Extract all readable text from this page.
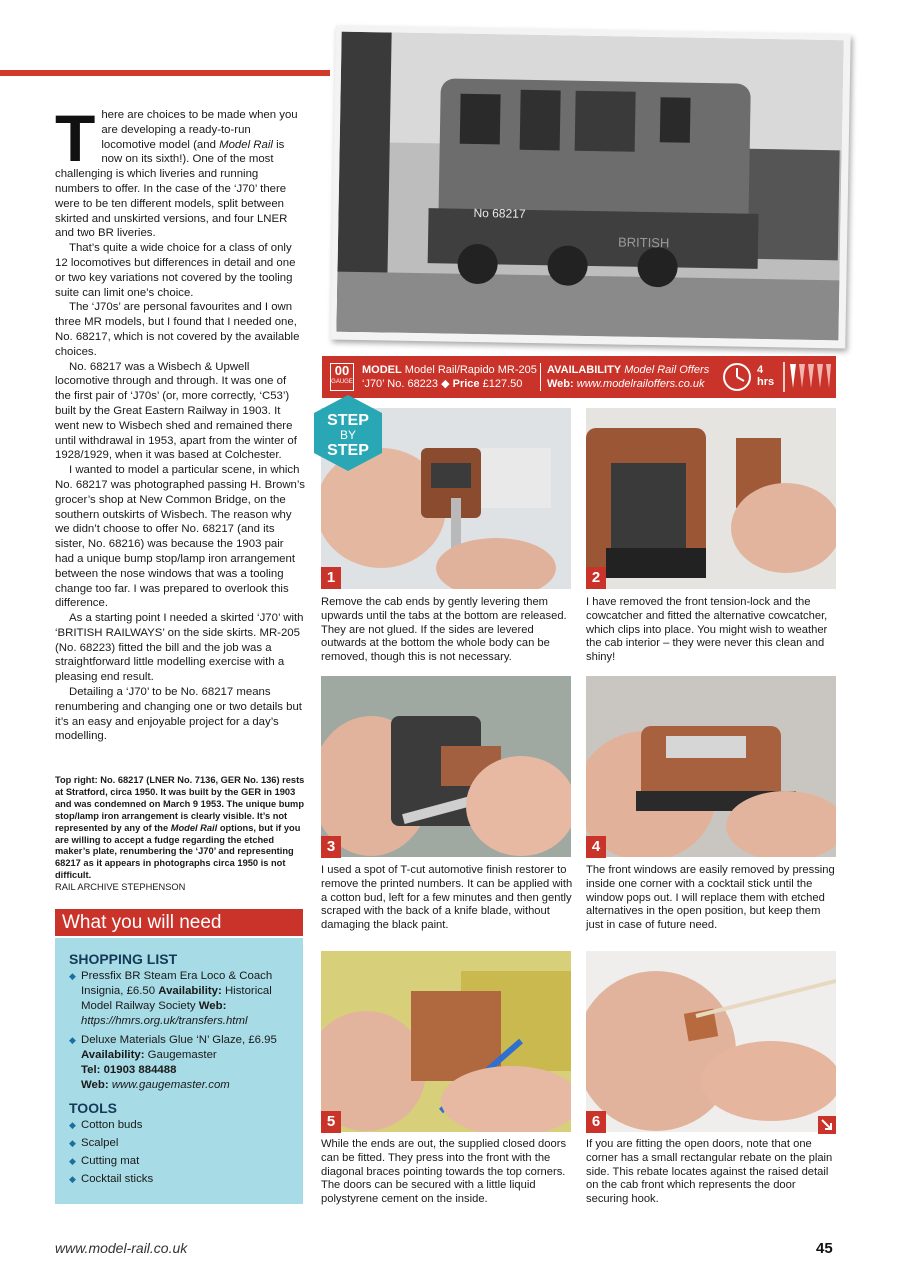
There are choices to be made when you are developing a ready-to-run locomotive model (and Model Rail is now on its sixth!). One of the most challenging is which liveries and running numbers to offer. In the case of the ‘J70’ there were to be ten different models, split between skirted and unskirted versions, and four LNER and two BR liveries.

That’s quite a wide choice for a class of only 12 locomotives but differences in detail and one or two key variations not covered by the tooling suite can limit one’s choice.

The ‘J70s’ are personal favourites and I own three MR models, but I found that I needed one, No. 68217, which is not covered by the available choices.

No. 68217 was a Wisbech & Upwell locomotive through and through. It was one of the first pair of ‘J70s’ (or, more correctly, ‘C53’) built by the Great Eastern Railway in 1903. It went new to Wisbech shed and remained there until withdrawal in 1953, apart from the winter of 1928/1929, when it was based at Colchester.

I wanted to model a particular scene, in which No. 68217 was photographed passing H. Brown’s grocer’s shop at New Common Bridge, on the southern outskirts of Wisbech. The reason why we didn’t choose to offer No. 68217 (and its sister, No. 68216) was because the 1903 pair had a unique bump stop/lamp iron arrangement between the nose windows that was a tooling change too far. I was prepared to overlook this difference.

As a starting point I needed a skirted ‘J70’ with ‘BRITISH RAILWAYS’ on the side skirts. MR-205 (No. 68223) fitted the bill and the job was a straightforward little modelling exercise with a pleasing end result.

Detailing a ‘J70’ to be No. 68217 means renumbering and changing one or two details but it’s an easy and enjoyable project for a day’s modelling.

Top right: No. 68217 (LNER No. 7136, GER No. 136) rests at Stratford, circa 1950. It was built by the GER in 1903 and was condemned on March 9 1953. The unique bump stop/lamp iron arrangement is clearly visible. It’s not represented by any of the Model Rail options, but if you are willing to accept a fudge regarding the etched maker’s plate, renumbering the ‘J70’ and representing 68217 as it appears in photographs circa 1950 is not difficult.
RAIL ARCHIVE STEPHENSON
What you will need
SHOPPING LIST
◆ Pressfix BR Steam Era Loco & Coach Insignia, £6.50 Availability: Historical Model Railway Society Web: https://hmrs.org.uk/transfers.html
◆ Deluxe Materials Glue ‘N’ Glaze, £6.95 Availability: Gaugemaster
Tel: 01903 884488
Web: www.gaugemaster.com
TOOLS
◆ Cotton buds
◆ Scalpel
◆ Cutting mat
◆ Cocktail sticks
No 68217
BRITISH
00
GAUGE
MODEL Model Rail/Rapido MR-205
‘J70’ No. 68223 ◆ Price £127.50
AVAILABILITY Model Rail Offers
Web: www.modelrailoffers.co.uk
4
hrs
1
Remove the cab ends by gently levering them upwards until the tabs at the bottom are released. They are not glued. If the sides are levered outwards at the bottom the whole body can be removed, though this is not necessary.
2
I have removed the front tension-lock and the cowcatcher and fitted the alternative cowcatcher, which clips into place. You might wish to weather the cab interior – they were never this clean and shiny!
3
I used a spot of T-cut automotive finish restorer to remove the printed numbers. It can be applied with a cotton bud, left for a few minutes and then gently scraped with the back of a knife blade, without damaging the black paint.
4
The front windows are easily removed by pressing inside one corner with a cocktail stick until the window pops out. I will replace them with etched alternatives in the open position, but keep them just in case of future need.
5
While the ends are out, the supplied closed doors can be fitted. They press into the front with the diagonal braces pointing towards the top corners. The doors can be secured with a little liquid polystyrene cement on the inside.
6
If you are fitting the open doors, note that one corner has a small rectangular rebate on the plain side. This rebate locates against the raised detail on the cab front which represents the door securing hook.
STEP
BY
STEP
www.model-rail.co.uk	45
